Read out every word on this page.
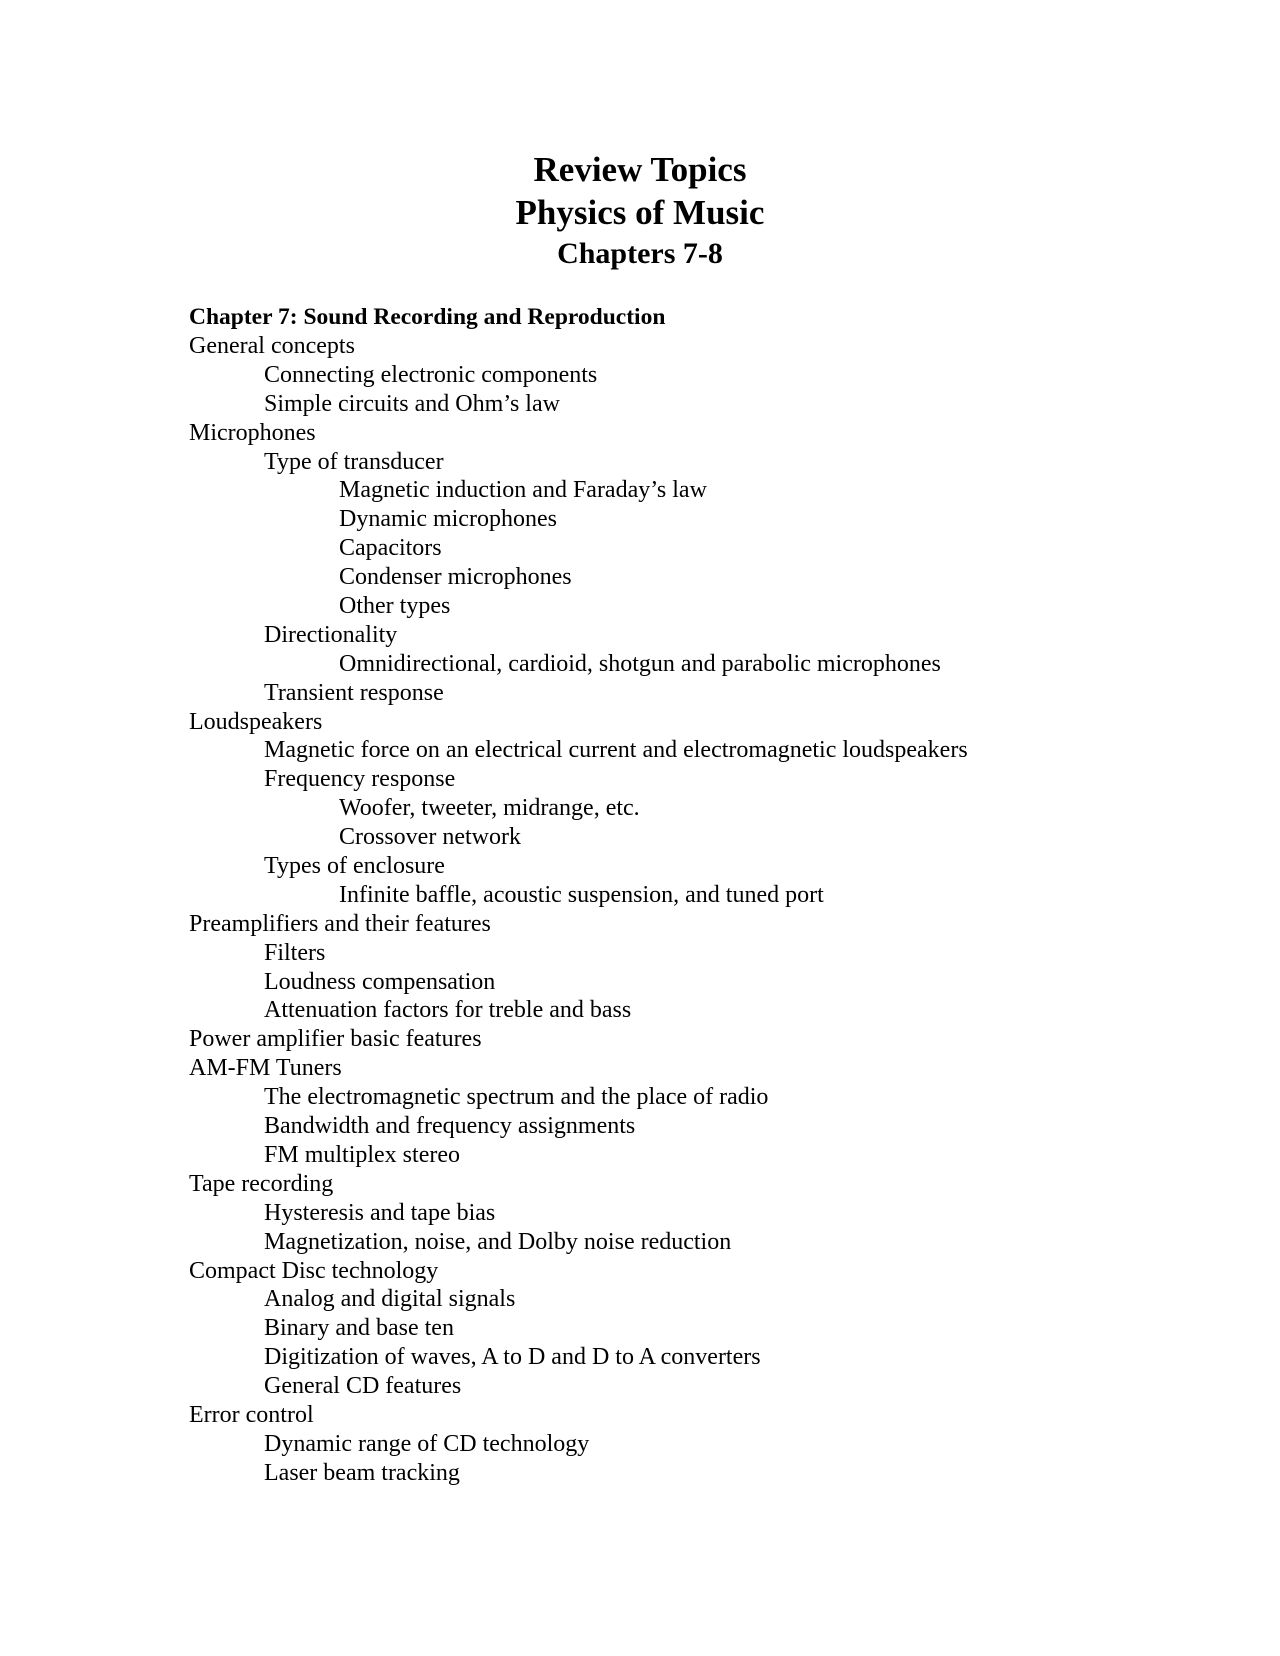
Review Topics
Physics of Music
Chapters 7-8
Chapter 7: Sound Recording and Reproduction
General concepts
Connecting electronic components
Simple circuits and Ohm’s law
Microphones
Type of transducer
Magnetic induction and Faraday’s law
Dynamic microphones
Capacitors
Condenser microphones
Other types
Directionality
Omnidirectional, cardioid, shotgun and parabolic microphones
Transient response
Loudspeakers
Magnetic force on an electrical current and electromagnetic loudspeakers
Frequency response
Woofer, tweeter, midrange, etc.
Crossover network
Types of enclosure
Infinite baffle, acoustic suspension, and tuned port
Preamplifiers and their features
Filters
Loudness compensation
Attenuation factors for treble and bass
Power amplifier basic features
AM-FM Tuners
The electromagnetic spectrum and the place of radio
Bandwidth and frequency assignments
FM multiplex stereo
Tape recording
Hysteresis and tape bias
Magnetization, noise, and Dolby noise reduction
Compact Disc technology
Analog and digital signals
Binary and base ten
Digitization of waves, A to D and D to A converters
General CD features
Error control
Dynamic range of CD technology
Laser beam tracking
